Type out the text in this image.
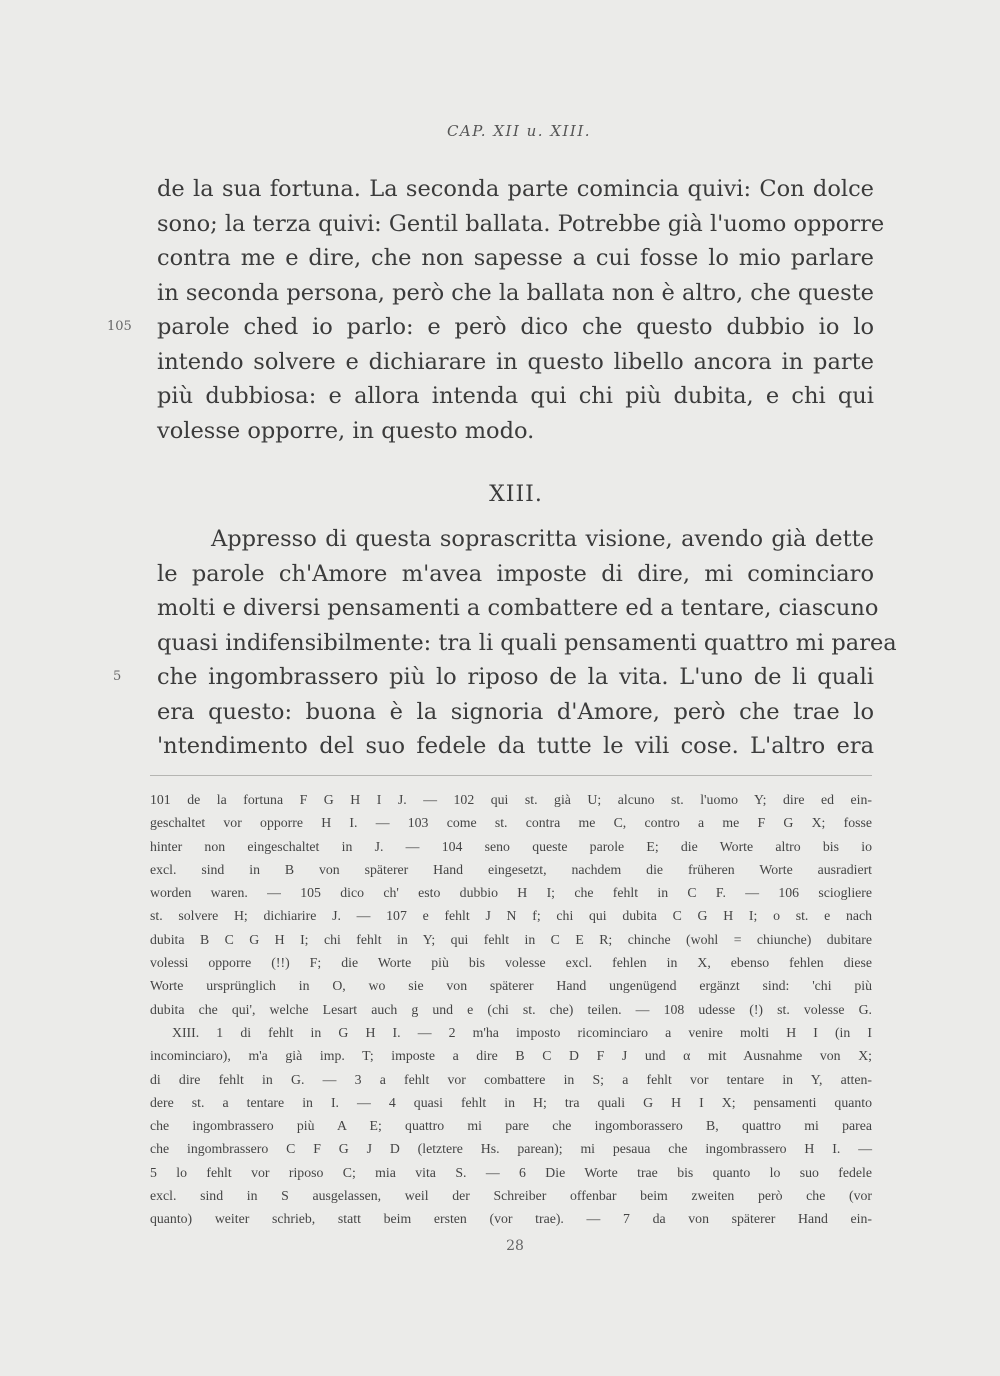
CAP. XII u. XIII.
de la sua fortuna. La seconda parte comincia quivi: Con dolce
sono; la terza quivi: Gentil ballata. Potrebbe già l'uomo opporre
contra me e dire, che non sapesse a cui fosse lo mio parlare
in seconda persona, però che la ballata non è altro, che queste
105 parole ched io parlo: e però dico che questo dubbio io lo
intendo solvere e dichiarare in questo libello ancora in parte
più dubbiosa: e allora intenda qui chi più dubita, e chi qui
volesse opporre, in questo modo.
XIII.
Appresso di questa soprascritta visione, avendo già dette
le parole ch'Amore m'avea imposte di dire, mi cominciaro
molti e diversi pensamenti a combattere ed a tentare, ciascuno
quasi indifensibilmente: tra li quali pensamenti quattro mi parea
5	che ingombrassero più lo riposo de la vita. L'uno de li quali
era questo: buona è la signoria d'Amore, però che trae lo
'ntendimento del suo fedele da tutte le vili cose. L'altro era
101 de la fortuna F G H I J. — 102 qui st. già U; alcuno st. l'uomo Y; dire ed ein-
geschaltet vor opporre H I. — 103 come st. contra me C, contro a me F G X; fosse
hinter non eingeschaltet in J. — 104 seno queste parole E; die Worte altro bis io
excl. sind in B von späterer Hand eingesetzt, nachdem die früheren Worte ausradiert
worden waren. — 105 dico ch' esto dubbio H I; che fehlt in C F. — 106 sciogliere
st. solvere H; dichiarire J. — 107 e fehlt J N f; chi qui dubita C G H I; o st. e nach
dubita B C G H I; chi fehlt in Y; qui fehlt in C E R; chinche (wohl = chiunche) dubitare
volessi opporre (!!) F; die Worte più bis volesse excl. fehlen in X, ebenso fehlen diese
Worte ursprünglich in O, wo sie von späterer Hand ungenügend ergänzt sind: 'chi più
dubita che qui', welche Lesart auch g und e (chi st. che) teilen. — 108 udesse (!) st. volesse G.
XIII. 1 di fehlt in G H I. — 2 m'ha imposto ricominciaro a venire molti H I (in I
incominciaro), m'a già imp. T; imposte a dire B C D F J und α mit Ausnahme von X;
di dire fehlt in G. — 3 a fehlt vor combattere in S; a fehlt vor tentare in Y, atten-
dere st. a tentare in I. — 4 quasi fehlt in H; tra quali G H I X; pensamenti quanto
che ingombrassero più A E; quattro mi pare che ingomborassero B, quattro mi parea
che ingombrassero C F G J D (letztere Hs. parean); mi pesaua che ingombrassero H I. —
5 lo fehlt vor riposo C; mia vita S. — 6 Die Worte trae bis quanto lo suo fedele
excl. sind in S ausgelassen, weil der Schreiber offenbar beim zweiten però che (vor
quanto) weiter schrieb, statt beim ersten (vor trae). — 7 da von späterer Hand ein-
28
